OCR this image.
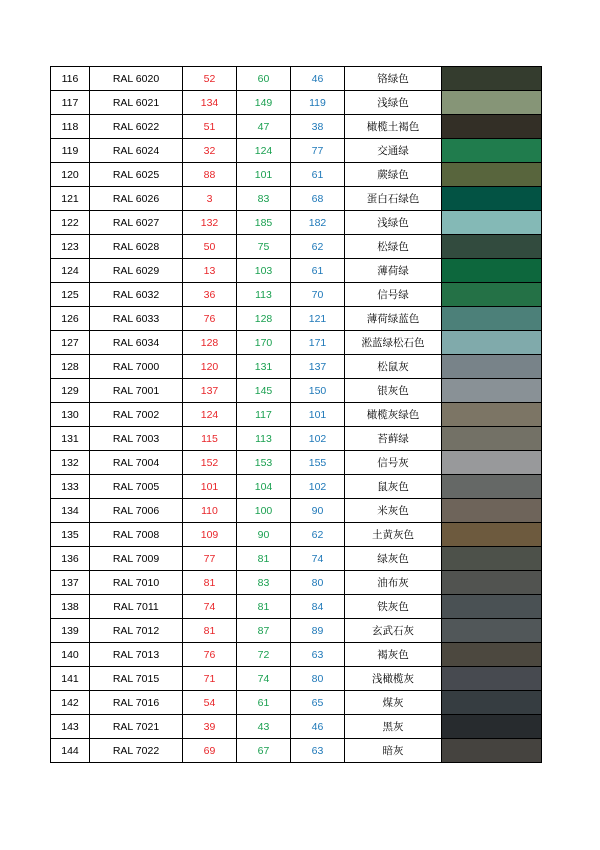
116	RAL 6020	52	60	46	铬绿色	
117	RAL 6021	134	149	119	浅绿色	
118	RAL 6022	51	47	38	橄榄土褐色	
119	RAL 6024	32	124	77	交通绿	
120	RAL 6025	88	101	61	蕨绿色	
121	RAL 6026	3	83	68	蛋白石绿色	
122	RAL 6027	132	185	182	浅绿色	
123	RAL 6028	50	75	62	松绿色	
124	RAL 6029	13	103	61	薄荷绿	
125	RAL 6032	36	113	70	信号绿	
126	RAL 6033	76	128	121	薄荷绿蓝色	
127	RAL 6034	128	170	171	淞蓝绿松石色	
128	RAL 7000	120	131	137	松鼠灰	
129	RAL 7001	137	145	150	银灰色	
130	RAL 7002	124	117	101	橄榄灰绿色	
131	RAL 7003	115	113	102	苔藓绿	
132	RAL 7004	152	153	155	信号灰	
133	RAL 7005	101	104	102	鼠灰色	
134	RAL 7006	110	100	90	米灰色	
135	RAL 7008	109	90	62	土黄灰色	
136	RAL 7009	77	81	74	绿灰色	
137	RAL 7010	81	83	80	油布灰	
138	RAL 7011	74	81	84	铁灰色	
139	RAL 7012	81	87	89	玄武石灰	
140	RAL 7013	76	72	63	褐灰色	
141	RAL 7015	71	74	80	浅橄榄灰	
142	RAL 7016	54	61	65	煤灰	
143	RAL 7021	39	43	46	黑灰	
144	RAL 7022	69	67	63	暗灰	
